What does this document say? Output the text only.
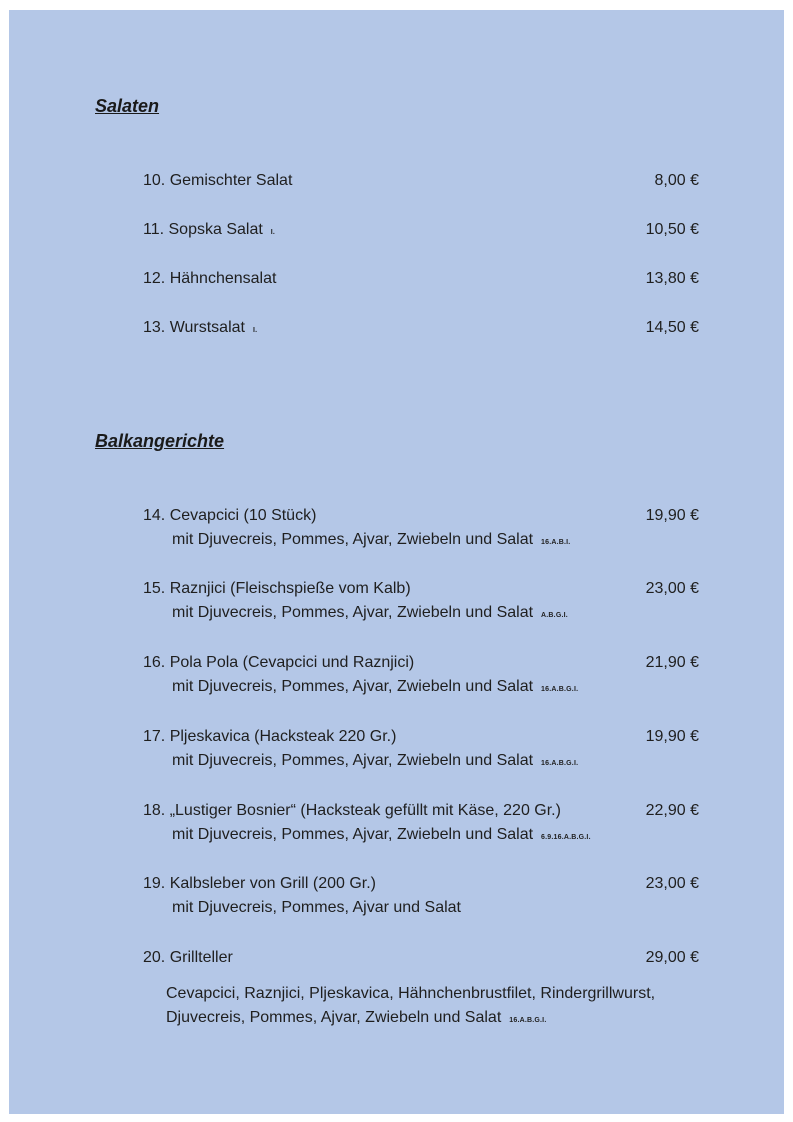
Salaten
10. Gemischter Salat	8,00 €
11. Sopska Salat I.	10,50 €
12. Hähnchensalat	13,80 €
13. Wurstsalat I.	14,50 €
Balkangerichte
14. Cevapcici (10 Stück)	19,90 €
mit Djuvecreis, Pommes, Ajvar, Zwiebeln und Salat 16.A.B.I.
15. Raznjici (Fleischspieße vom Kalb)	23,00 €
mit Djuvecreis, Pommes, Ajvar, Zwiebeln und Salat A.B.G.I.
16. Pola Pola (Cevapcici und Raznjici)	21,90 €
mit Djuvecreis, Pommes, Ajvar, Zwiebeln und Salat 16.A.B.G.I.
17. Pljeskavica (Hacksteak 220 Gr.)	19,90 €
mit Djuvecreis, Pommes, Ajvar, Zwiebeln und Salat 16.A.B.G.I.
18. „Lustiger Bosnier“ (Hacksteak gefüllt mit Käse, 220 Gr.)	22,90 €
mit Djuvecreis, Pommes, Ajvar, Zwiebeln und Salat 6.9.16.A.B.G.I.
19. Kalbsleber von Grill (200 Gr.)	23,00 €
mit Djuvecreis, Pommes, Ajvar und Salat
20. Grillteller	29,00 €
Cevapcici, Raznjici, Pljeskavica, Hähnchenbrustfilet, Rindergrillwurst, Djuvecreis, Pommes, Ajvar, Zwiebeln und Salat 16.A.B.G.I.
